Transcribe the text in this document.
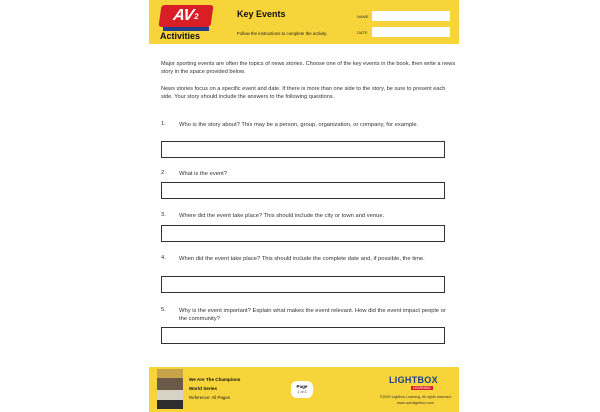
AV 2
Activities
Key Events
Follow the instructions to complete the activity.
NAME
DATE

Major sporting events are often the topics of news stories. Choose one of the key events in the book, then write a news story in the space provided below.

News stories focus on a specific event and date. If there is more than one side to the story, be sure to present each side. Your story should include the answers to the following questions.

1. Who is the story about? This may be a person, group, organization, or company, for example.
2. What is the event?
3. Where did the event take place? This should include the city or town and venue.
4. When did the event take place? This should include the complete date and, if possible, the time.
5. Why is the event important? Explain what makes the event relevant. How did the event impact people or the community?
We Are The Champions
World Series
Reference: All Pages
Page
1 of 3
LIGHTBOX
LEARNING
©2020 Lightbox Learning. All rights reserved.
www.openlightbox.com
